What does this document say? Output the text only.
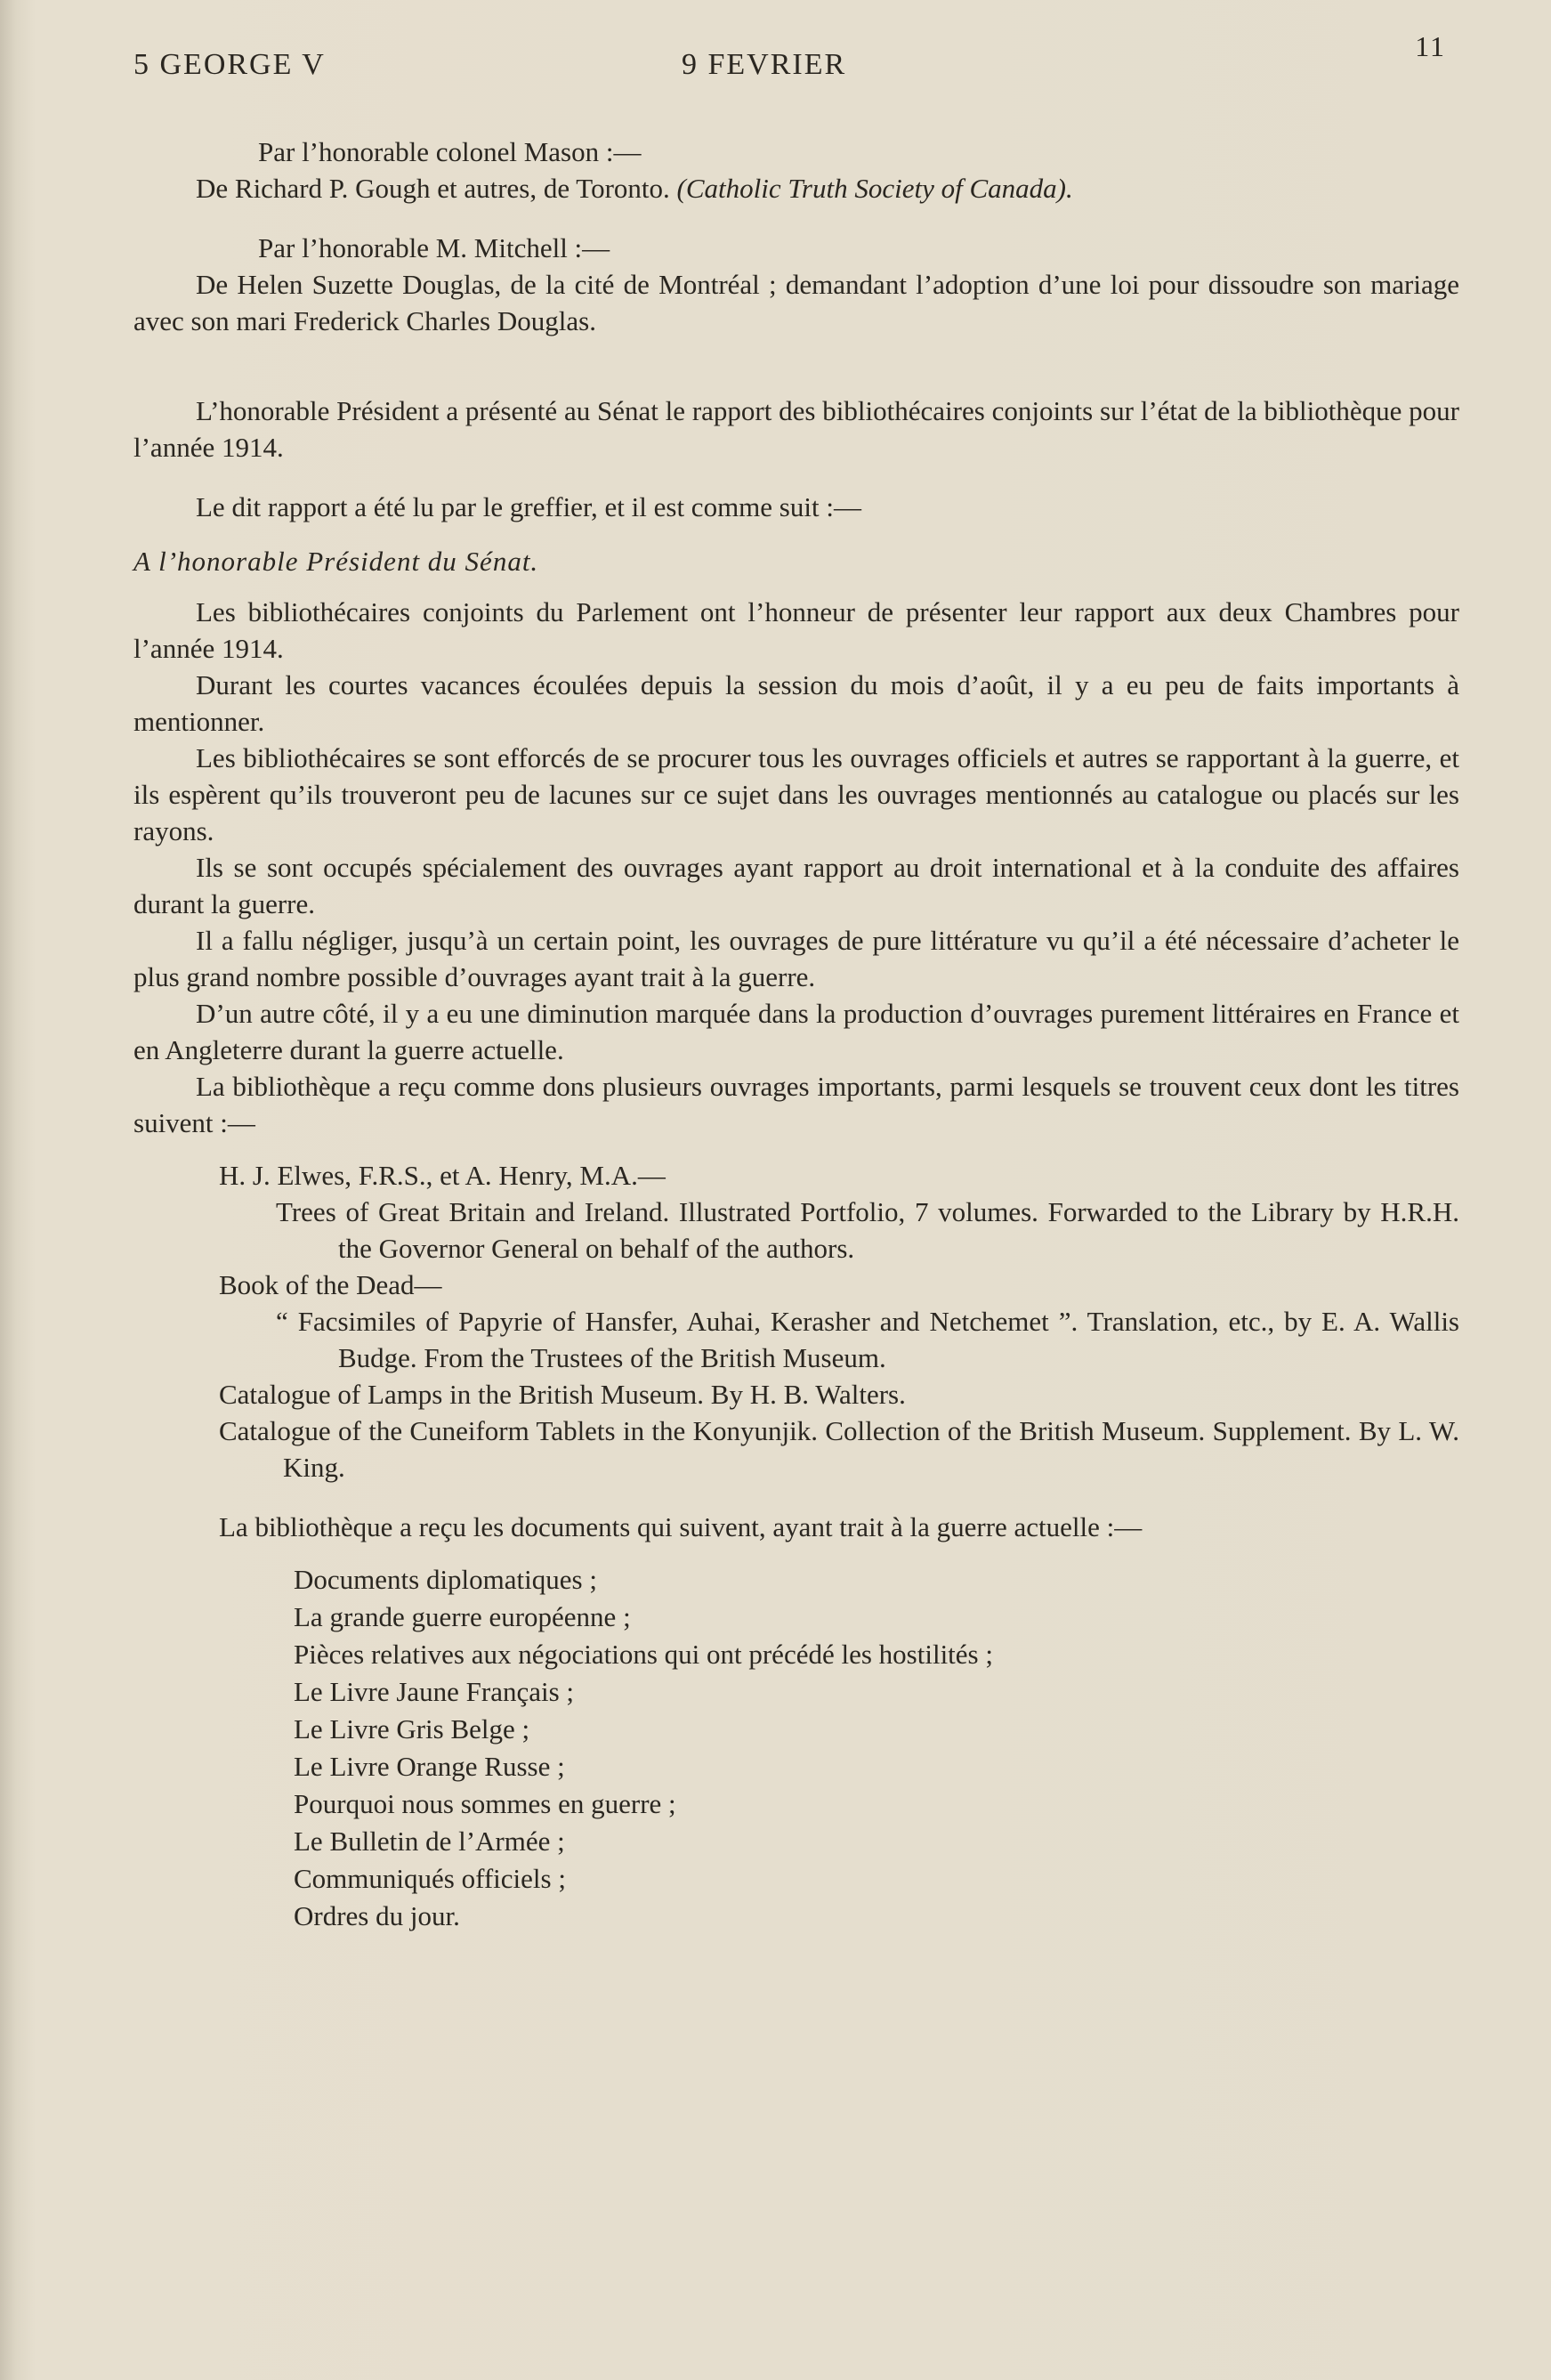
5 GEORGE V	9 FEVRIER
11

Par l’honorable colonel Mason :—

De Richard P. Gough et autres, de Toronto. (Catholic Truth Society of Canada).

Par l’honorable M. Mitchell :—

De Helen Suzette Douglas, de la cité de Montréal ; demandant l’adoption d’une loi pour dissoudre son mariage avec son mari Frederick Charles Douglas.

L’honorable Président a présenté au Sénat le rapport des bibliothécaires conjoints sur l’état de la bibliothèque pour l’année 1914.

Le dit rapport a été lu par le greffier, et il est comme suit :—

A l’honorable Président du Sénat.

Les bibliothécaires conjoints du Parlement ont l’honneur de présenter leur rapport aux deux Chambres pour l’année 1914.

Durant les courtes vacances écoulées depuis la session du mois d’août, il y a eu peu de faits importants à mentionner.

Les bibliothécaires se sont efforcés de se procurer tous les ouvrages officiels et autres se rapportant à la guerre, et ils espèrent qu’ils trouveront peu de lacunes sur ce sujet dans les ouvrages mentionnés au catalogue ou placés sur les rayons.

Ils se sont occupés spécialement des ouvrages ayant rapport au droit international et à la conduite des affaires durant la guerre.

Il a fallu négliger, jusqu’à un certain point, les ouvrages de pure littérature vu qu’il a été nécessaire d’acheter le plus grand nombre possible d’ouvrages ayant trait à la guerre.

D’un autre côté, il y a eu une diminution marquée dans la production d’ouvrages purement littéraires en France et en Angleterre durant la guerre actuelle.

La bibliothèque a reçu comme dons plusieurs ouvrages importants, parmi lesquels se trouvent ceux dont les titres suivent :—

H. J. Elwes, F.R.S., et A. Henry, M.A.—

Trees of Great Britain and Ireland. Illustrated Portfolio, 7 volumes. Forwarded to the Library by H.R.H. the Governor General on behalf of the authors.

Book of the Dead—

“ Facsimiles of Papyrie of Hansfer, Auhai, Kerasher and Netchemet ”. Translation, etc., by E. A. Wallis Budge. From the Trustees of the British Museum.

Catalogue of Lamps in the British Museum. By H. B. Walters.

Catalogue of the Cuneiform Tablets in the Konyunjik. Collection of the British Museum. Supplement. By L. W. King.

La bibliothèque a reçu les documents qui suivent, ayant trait à la guerre actuelle :—

Documents diplomatiques ;
La grande guerre européenne ;
Pièces relatives aux négociations qui ont précédé les hostilités ;
Le Livre Jaune Français ;
Le Livre Gris Belge ;
Le Livre Orange Russe ;
Pourquoi nous sommes en guerre ;
Le Bulletin de l’Armée ;
Communiqués officiels ;
Ordres du jour.
